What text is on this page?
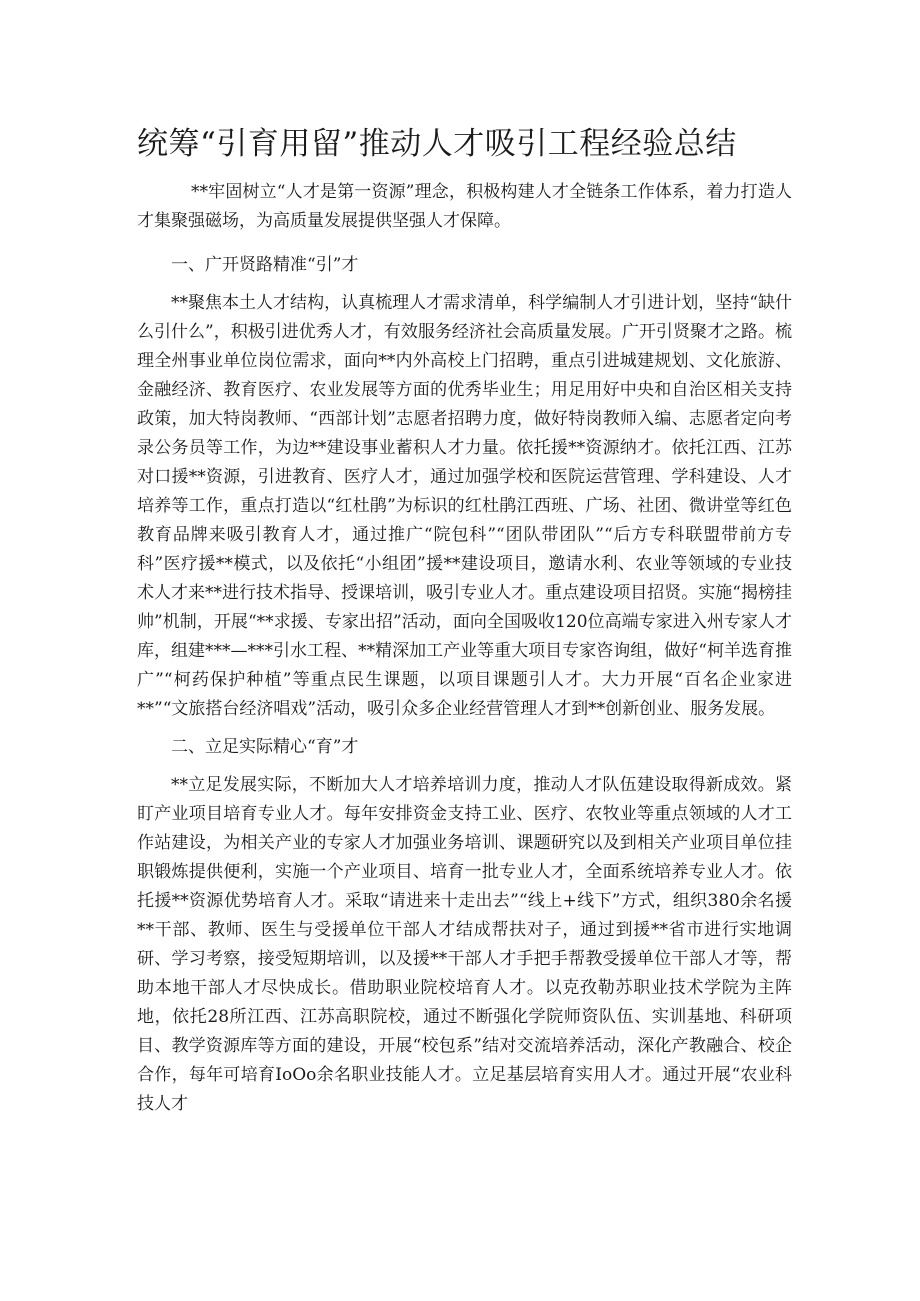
统筹“引育用留”推动人才吸引工程经验总结

**牢固树立“人才是第一资源”理念，积极构建人才全链条工作体系，着力打造人才集聚强磁场，为高质量发展提供坚强人才保障。

一、广开贤路精准“引”才

**聚焦本土人才结构，认真梳理人才需求清单，科学编制人才引进计划，坚持“缺什么引什么”，积极引进优秀人才，有效服务经济社会高质量发展。广开引贤聚才之路。梳理全州事业单位岗位需求，面向**内外高校上门招聘，重点引进城建规划、文化旅游、金融经济、教育医疗、农业发展等方面的优秀毕业生；用足用好中央和自治区相关支持政策，加大特岗教师、“西部计划”志愿者招聘力度，做好特岗教师入编、志愿者定向考录公务员等工作，为边**建设事业蓄积人才力量。依托援**资源纳才。依托江西、江苏对口援**资源，引进教育、医疗人才，通过加强学校和医院运营管理、学科建设、人才培养等工作，重点打造以“红杜鹃”为标识的红杜鹃江西班、广场、社团、微讲堂等红色教育品牌来吸引教育人才，通过推广“院包科”“团队带团队”“后方专科联盟带前方专科”医疗援**模式，以及依托“小组团”援**建设项目，邀请水利、农业等领域的专业技术人才来**进行技术指导、授课培训，吸引专业人才。重点建设项目招贤。实施“揭榜挂帅”机制，开展“**求援、专家出招”活动，面向全国吸收120位高端专家进入州专家人才库，组建***—***引水工程、**精深加工产业等重大项目专家咨询组，做好“柯羊选育推广”“柯药保护种植”等重点民生课题，以项目课题引人才。大力开展“百名企业家进**”“文旅搭台经济唱戏”活动，吸引众多企业经营管理人才到**创新创业、服务发展。

二、立足实际精心“育”才

**立足发展实际，不断加大人才培养培训力度，推动人才队伍建设取得新成效。紧盯产业项目培育专业人才。每年安排资金支持工业、医疗、农牧业等重点领域的人才工作站建设，为相关产业的专家人才加强业务培训、课题研究以及到相关产业项目单位挂职锻炼提供便利，实施一个产业项目、培育一批专业人才，全面系统培养专业人才。依托援**资源优势培育人才。采取“请进来十走出去”“线上+线下”方式，组织380余名援**干部、教师、医生与受援单位干部人才结成帮扶对子，通过到援**省市进行实地调研、学习考察，接受短期培训，以及援**干部人才手把手帮教受援单位干部人才等，帮助本地干部人才尽快成长。借助职业院校培育人才。以克孜勒苏职业技术学院为主阵地，依托28所江西、江苏高职院校，通过不断强化学院师资队伍、实训基地、科研项目、教学资源库等方面的建设，开展“校包系”结对交流培养活动，深化产教融合、校企合作，每年可培育IoOo余名职业技能人才。立足基层培育实用人才。通过开展“农业科技人才
